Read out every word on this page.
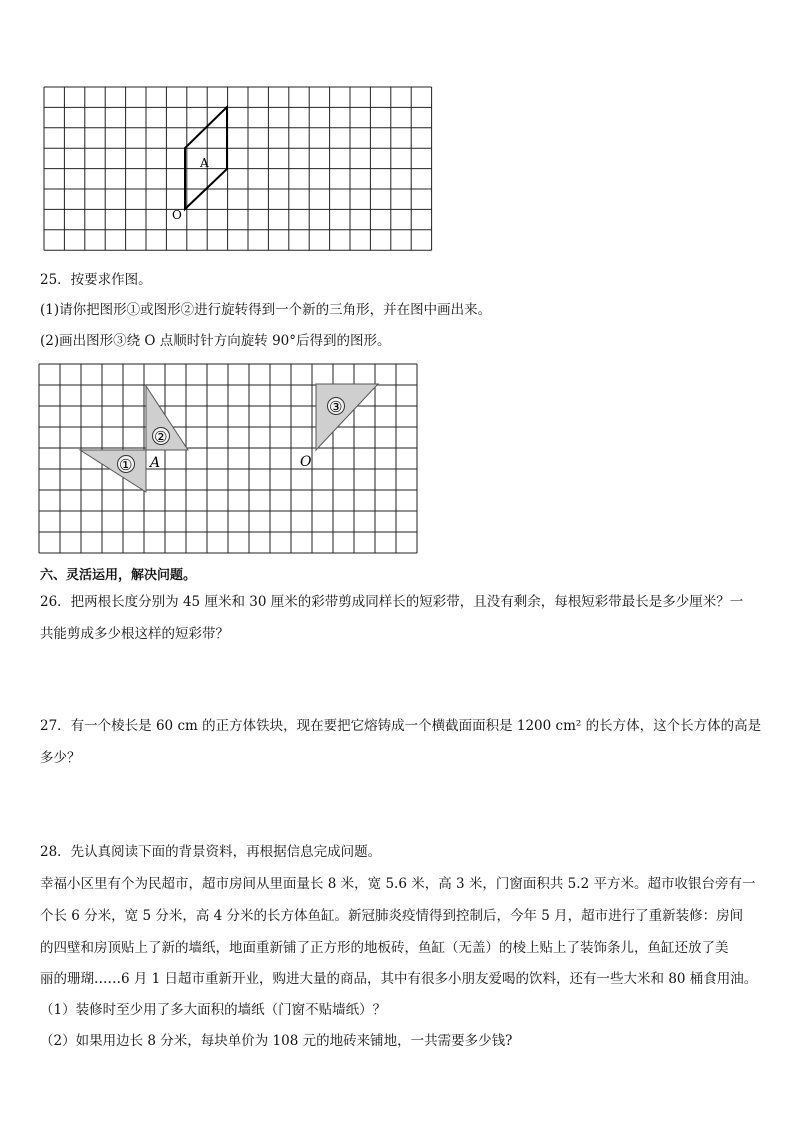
A
O
25．按要求作图。
(1)请你把图形①或图形②进行旋转得到一个新的三角形，并在图中画出来。
(2)画出图形③绕 O 点顺时针方向旋转 90°后得到的图形。
①
②
③
A	O
六、灵活运用，解决问题。
26．把两根长度分别为 45 厘米和 30 厘米的彩带剪成同样长的短彩带，且没有剩余，每根短彩带最长是多少厘米？一
共能剪成多少根这样的短彩带？
27．有一个棱长是 60 cm 的正方体铁块，现在要把它熔铸成一个横截面面积是 1200 cm² 的长方体，这个长方体的高是
多少？
28．先认真阅读下面的背景资料，再根据信息完成问题。
幸福小区里有个为民超市，超市房间从里面量长 8 米，宽 5.6 米，高 3 米，门窗面积共 5.2 平方米。超市收银台旁有一
个长 6 分米，宽 5 分米，高 4 分米的长方体鱼缸。新冠肺炎疫情得到控制后，今年 5 月，超市进行了重新装修：房间
的四壁和房顶贴上了新的墙纸，地面重新铺了正方形的地板砖，鱼缸（无盖）的棱上贴上了装饰条儿，鱼缸还放了美
丽的珊瑚……6 月 1 日超市重新开业，购进大量的商品，其中有很多小朋友爱喝的饮料，还有一些大米和 80 桶食用油。
（1）装修时至少用了多大面积的墙纸（门窗不贴墙纸）？
（2）如果用边长 8 分米，每块单价为 108 元的地砖来铺地，一共需要多少钱?
